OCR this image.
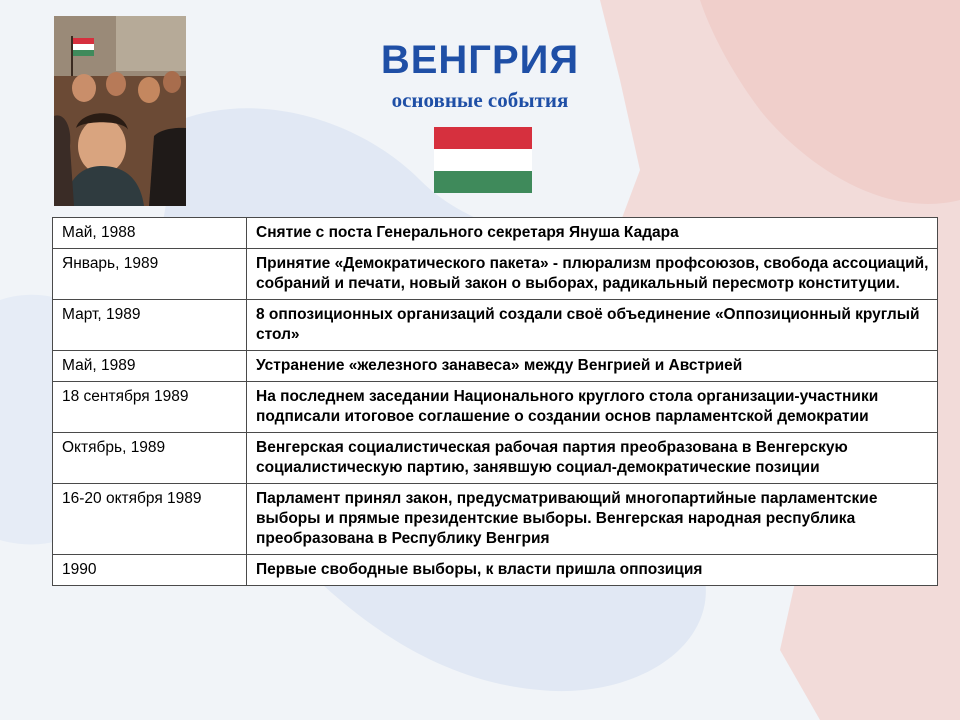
ВЕНГРИЯ
основные события
Май, 1988	Снятие с поста Генерального секретаря Януша Кадара
Январь, 1989	Принятие «Демократического пакета» - плюрализм профсоюзов, свобода ассоциаций, собраний и печати, новый закон о выборах, радикальный пересмотр конституции.
Март, 1989	8 оппозиционных организаций создали своё объединение «Оппозиционный круглый стол»
Май, 1989	Устранение «железного занавеса» между Венгрией и Австрией
18 сентября 1989	На последнем заседании Национального круглого стола организации-участники подписали итоговое соглашение о создании основ парламентской демократии
Октябрь, 1989	Венгерская социалистическая рабочая партия преобразована в Венгерскую социалистическую партию, занявшую социал-демократические позиции
16-20 октября 1989	Парламент принял закон, предусматривающий многопартийные парламентские выборы и прямые президентские выборы. Венгерская народная республика преобразована в Республику Венгрия
1990	Первые свободные выборы, к власти пришла оппозиция
